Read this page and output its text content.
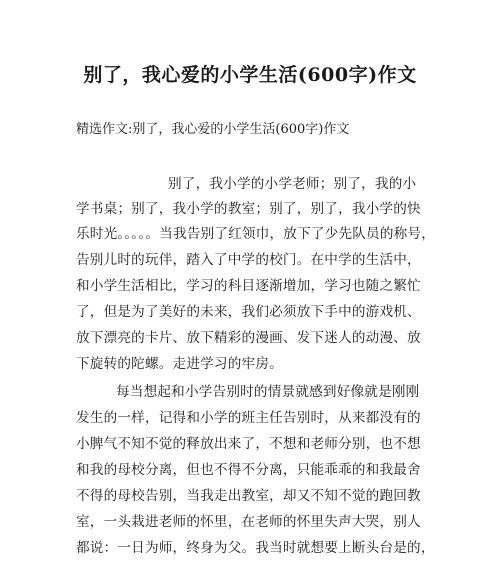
别了，我心爱的小学生活(600字)作文
精选作文:别了，我心爱的小学生活(600字)作文
别了，我小学的小学老师；别了，我的小
学书桌；别了，我小学的教室；别了，别了，我小学的快
乐时光。。。。。当我告别了红领巾，放下了少先队员的称号，
告别儿时的玩伴，踏入了中学的校门。在中学的生活中，
和小学生活相比，学习的科目逐渐增加，学习也随之繁忙
了，但是为了美好的未来，我们必须放下手中的游戏机、
放下漂亮的卡片、放下精彩的漫画、发下迷人的动漫、放
下旋转的陀螺。走进学习的牢房。
每当想起和小学告别时的情景就感到好像就是刚刚
发生的一样，记得和小学的班主任告别时，从来都没有的
小脾气不知不觉的释放出来了，不想和老师分别，也不想
和我的母校分离，但也不得不分离，只能乖乖的和我最舍
不得的母校告别，当我走出教室，却又不知不觉的跑回教
室，一头栽进老师的怀里，在老师的怀里失声大哭，别人
都说：一日为师，终身为父。我当时就想要上断头台是的，
